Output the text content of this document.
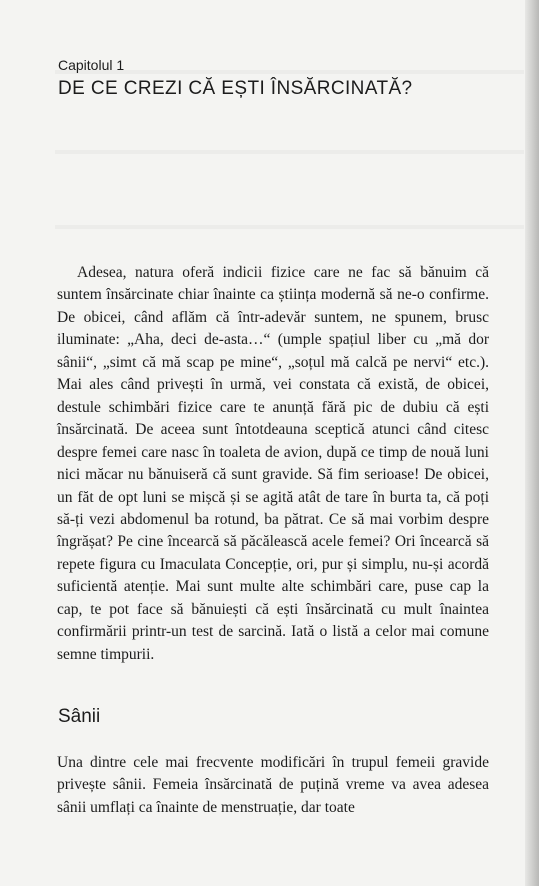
Capitolul 1
DE CE CREZI CĂ EȘTI ÎNSĂRCINATĂ?

Adesea, natura oferă indicii fizice care ne fac să bănuim că suntem însărcinate chiar înainte ca știința modernă să ne-o confirme. De obicei, când aflăm că într-adevăr suntem, ne spunem, brusc iluminate: „Aha, deci de-asta…“ (umple spațiul liber cu „mă dor sânii“, „simt că mă scap pe mine“, „soțul mă calcă pe nervi“ etc.). Mai ales când privești în urmă, vei constata că există, de obicei, destule schimbări fizice care te anunță fără pic de dubiu că ești însărcinată. De aceea sunt întotdeauna sceptică atunci când citesc despre femei care nasc în toaleta de avion, după ce timp de nouă luni nici măcar nu bănuiseră că sunt gravide. Să fim serioase! De obicei, un făt de opt luni se mișcă și se agită atât de tare în burta ta, că poți să-ți vezi abdomenul ba rotund, ba pătrat. Ce să mai vorbim despre îngrășat? Pe cine încearcă să păcălească acele femei? Ori încearcă să repete figura cu Imaculata Concepție, ori, pur și simplu, nu-și acordă suficientă atenție. Mai sunt multe alte schimbări care, puse cap la cap, te pot face să bănuiești că ești însărcinată cu mult înaintea confirmării printr-un test de sarcină. Iată o listă a celor mai comune semne timpurii.

Sânii

Una dintre cele mai frecvente modificări în trupul femeii gravide privește sânii. Femeia însărcinată de puțină vreme va avea adesea sânii umflați ca înainte de menstruație, dar toate
